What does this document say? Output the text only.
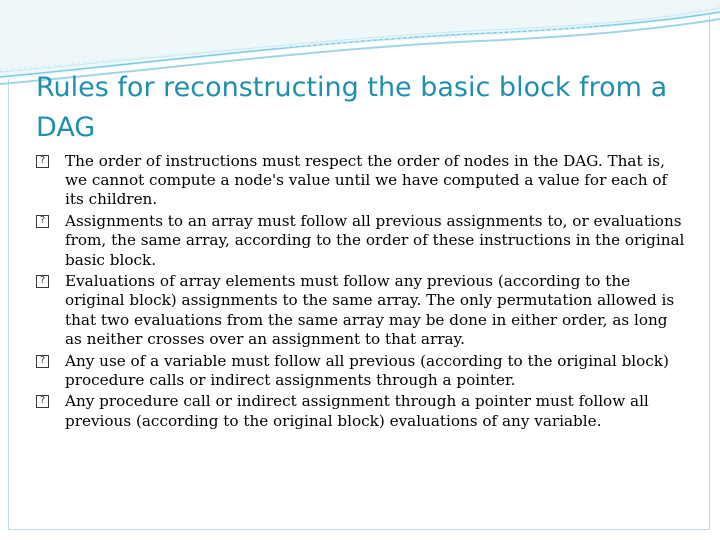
Rules for reconstructing the basic block from a DAG
?
The order of instructions must respect the order of nodes in the DAG. That is, we cannot compute a node's value until we have computed a value for each of its children.
?
Assignments to an array must follow all previous assignments to, or evaluations from, the same array, according to the order of these instructions in the original basic block.
?
Evaluations of array elements must follow any previous (according to the original block) assignments to the same array. The only permutation allowed is that two evaluations from the same array may be done in either order, as long as neither crosses over an assignment to that array.
?
Any use of a variable must follow all previous (according to the original block) procedure calls or indirect assignments through a pointer.
?
Any procedure call or indirect assignment through a pointer must follow all previous (according to the original block) evaluations of any variable.
